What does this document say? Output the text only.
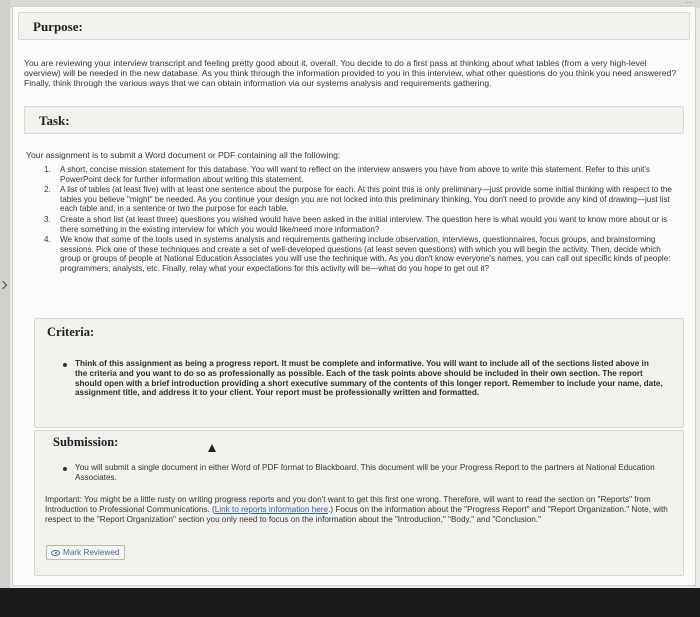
...
Purpose:
You are reviewing your interview transcript and feeling pretty good about it, overall. You decide to do a first pass at thinking about what tables (from a very high-level overview) will be needed in the new database. As you think through the information provided to you in this interview, what other questions do you think you need answered? Finally, think through the various ways that we can obtain information via our systems analysis and requirements gathering.
Task:
Your assignment is to submit a Word document or PDF containing all the following:
1. A short, concise mission statement for this database. You will want to reflect on the interview answers you have from above to write this statement. Refer to this unit's PowerPoint deck for further information about writing this statement.
2. A list of tables (at least five) with at least one sentence about the purpose for each. At this point this is only preliminary—just provide some initial thinking with respect to the tables you believe "might" be needed. As you continue your design you are not locked into this preliminary thinking. You don't need to provide any kind of drawing—just list each table and, in a sentence or two the purpose for each table.
3. Create a short list (at least three) questions you wished would have been asked in the initial interview. The question here is what would you want to know more about or is there something in the existing interview for which you would like/need more information?
4. We know that some of the tools used in systems analysis and requirements gathering include observation, interviews, questionnaires, focus groups, and brainstorming sessions. Pick one of these techniques and create a set of well-developed questions (at least seven questions) with which you will begin the activity. Then, decide which group or groups of people at National Education Associates you will use the technique with. As you don't know everyone's names, you can call out specific kinds of people: programmers, analysts, etc. Finally, relay what your expectations for this activity will be—what do you hope to get out it?
Criteria:
Think of this assignment as being a progress report. It must be complete and informative. You will want to include all of the sections listed above in the criteria and you want to do so as professionally as possible. Each of the task points above should be included in their own section. The report should open with a brief introduction providing a short executive summary of the contents of this longer report. Remember to include your name, date, assignment title, and address it to your client. Your report must be professionally written and formatted.
Submission:
You will submit a single document in either Word of PDF format to Blackboard. This document will be your Progress Report to the partners at National Education Associates.
Important: You might be a little rusty on writing progress reports and you don't want to get this first one wrong. Therefore, will want to read the section on "Reports" from Introduction to Professional Communications. (Link to reports information here.) Focus on the information about the "Progress Report" and "Report Organization." Note, with respect to the "Report Organization" section you only need to focus on the information about the "Introduction," "Body," and "Conclusion."
Mark Reviewed
